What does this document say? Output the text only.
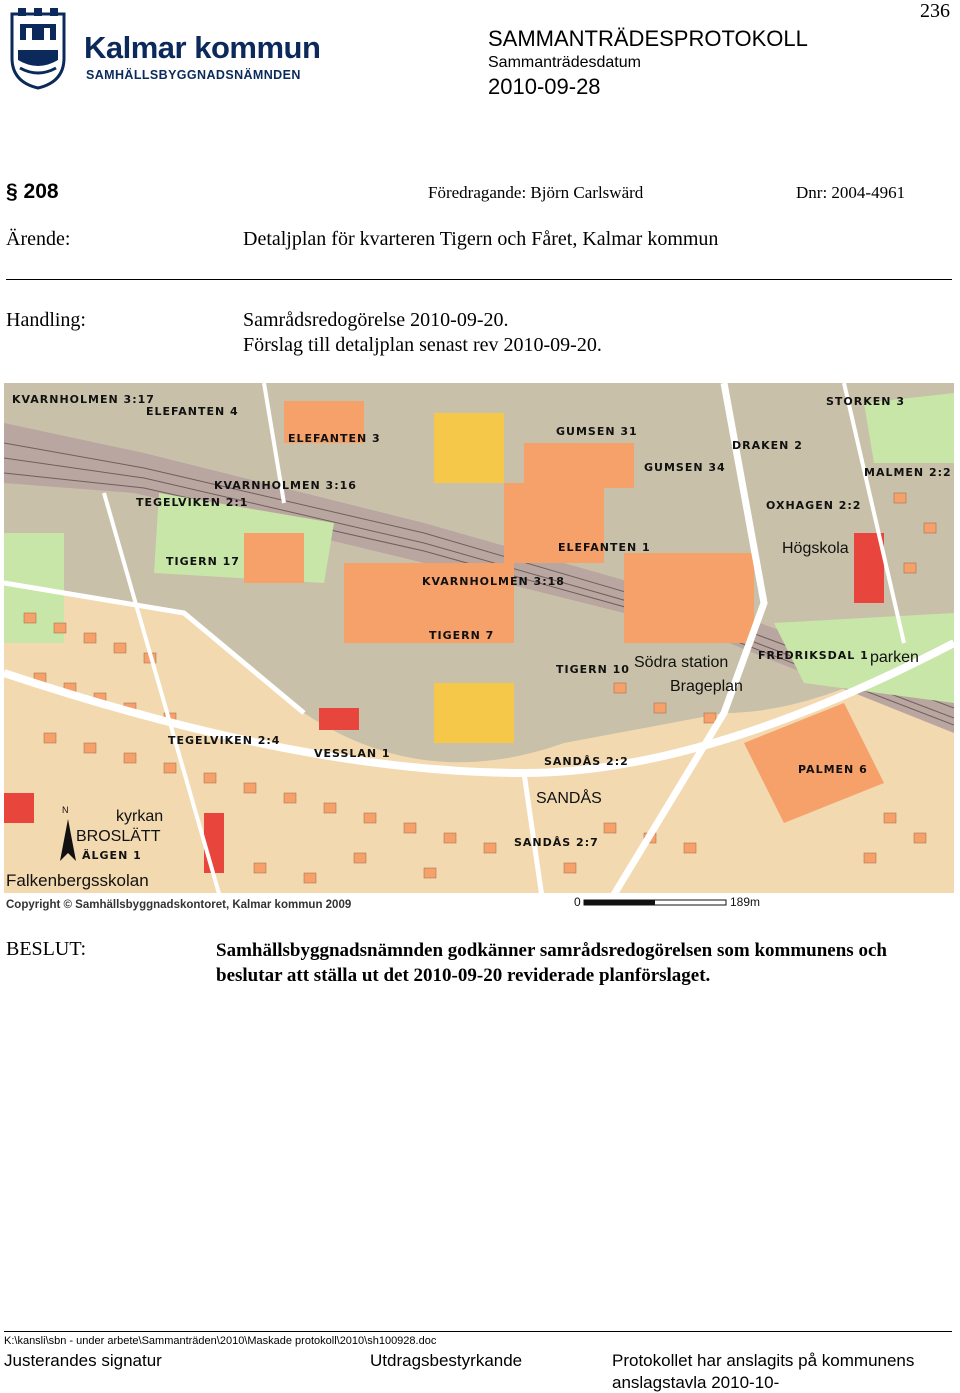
Kalmar kommun
SAMHÄLLSBYGGNADSNÄMNDEN
236
SAMMANTRÄDESPROTOKOLL
Sammanträdesdatum
2010-09-28
§ 208	Föredragande: Björn Carlswärd	Dnr: 2004-4961
Ärende:	Detaljplan för kvarteren Tigern och Fåret, Kalmar kommun
Handling:	Samrådsredogörelse 2010-09-20.
Förslag till detaljplan senast rev 2010-09-20.
KVARNHOLMEN 3:17
ELEFANTEN 4
ELEFANTEN 3
GUMSEN 31
STORKEN 3
DRAKEN 2
GUMSEN 34	MALMEN 2:2
KVARNHOLMEN 3:16
TEGELVIKEN 2:1	OXHAGEN 2:2
ELEFANTEN 1
TIGERN 17
KVARNHOLMEN 3:18
TIGERN 7
TIGERN 10
FREDRIKSDAL 1
TEGELVIKEN 2:4
VESSLAN 1
SANDÅS 2:2
PALMEN 6
SANDÅS 2:7
ÄLGEN 1
Högskola
Södra station	parken
Brageplan
SANDÅS
kyrkan
BROSLÄTT
Falkenbergsskolan
N
Copyright © Samhällsbyggnadskontoret, Kalmar kommun 2009	0	189m
BESLUT:	Samhällsbyggnadsnämnden godkänner samrådsredogörelsen som kommunens och beslutar att ställa ut det 2010-09-20 reviderade planförslaget.
K:\kansli\sbn - under arbete\Sammanträden\2010\Maskade protokoll\2010\sh100928.doc
Justerandes signatur	Utdragsbestyrkande	Protokollet har anslagits på kommunens
anslagstavla 2010-10-
